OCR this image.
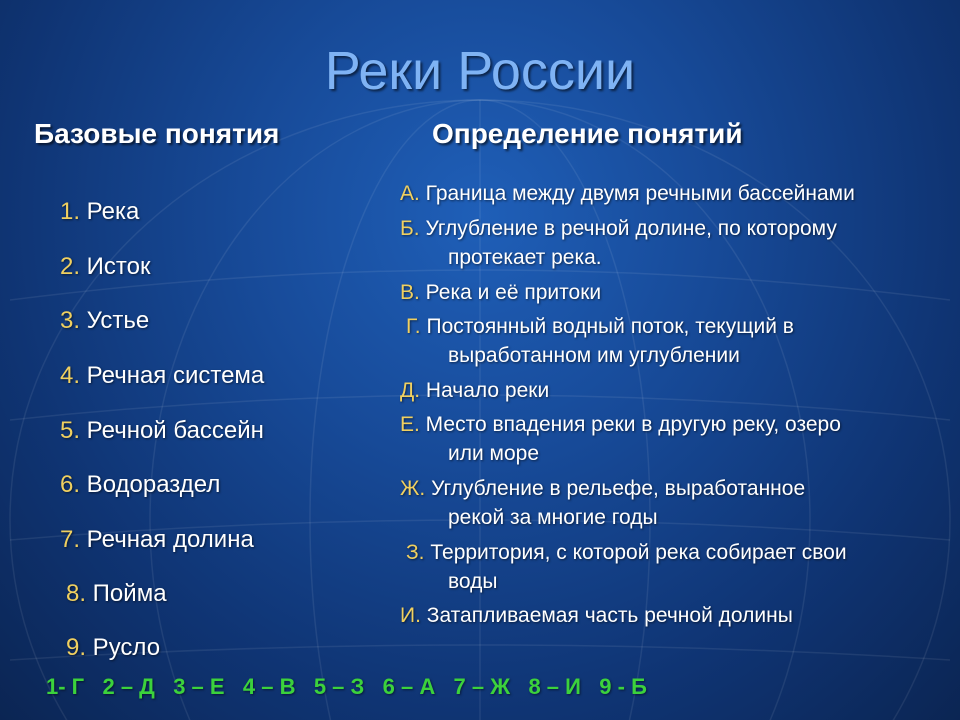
Реки России
Базовые понятия	Определение понятий
1. Река
2. Исток
3. Устье
4. Речная система
5. Речной бассейн
6. Водораздел
7. Речная долина
8. Пойма
9. Русло
А. Граница между двумя речными бассейнами
Б. Углубление в речной долине, по которому
протекает река.
В. Река и её притоки
Г. Постоянный водный поток, текущий в
выработанном им углублении
Д. Начало реки
Е. Место впадения реки в другую реку, озеро
или море
Ж. Углубление в рельефе, выработанное
рекой за многие годы
З. Территория, с которой река собирает свои
воды
И. Затапливаемая часть речной долины
1- Г   2 – Д   3 – Е   4 – В   5 – З   6 – А   7 – Ж   8 – И   9 - Б
